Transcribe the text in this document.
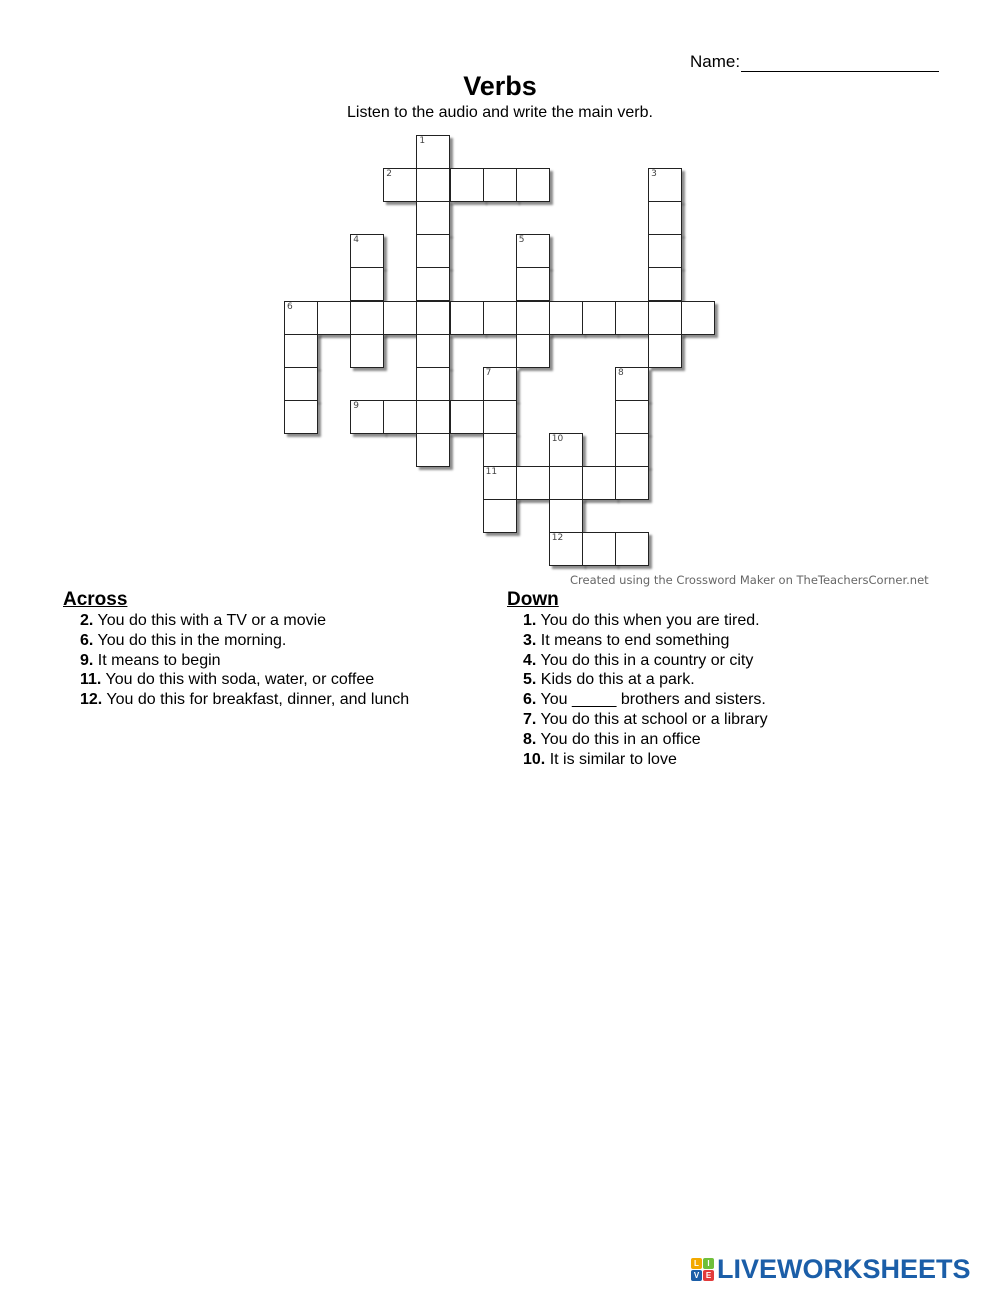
Name:
Verbs
Listen to the audio and write the main verb.
1
2	3
4	5
6
7	8
9
10
11
12
Created using the Crossword Maker on TheTeachersCorner.net
Across
2. You do this with a TV or a movie
6. You do this in the morning.
9. It means to begin
11. You do this with soda, water, or coffee
12. You do this for breakfast, dinner, and lunch
Down
1. You do this when you are tired.
3. It means to end something
4. You do this in a country or city
5. Kids do this at a park.
6. You _____ brothers and sisters.
7. You do this at school or a library
8. You do this in an office
10. It is similar to love
L	I
V E LIVEWORKSHEETS
